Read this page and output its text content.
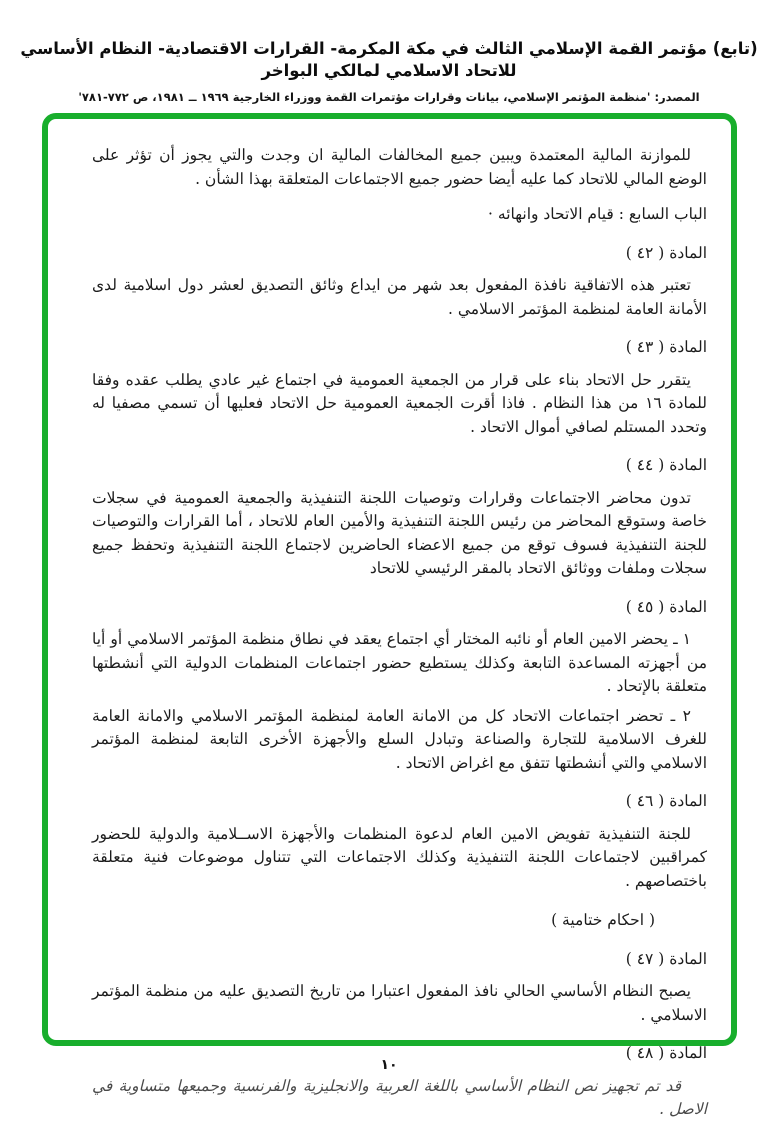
(تابع) مؤتمر القمة الإسلامي الثالث في مكة المكرمة- القرارات الاقتصادية- النظام الأساسي للاتحاد الاسلامي لمالكي البواخر
المصدر: 'منظمة المؤتمر الإسلامي، بيانات وقرارات مؤتمرات القمة ووزراء الخارجية ١٩٦٩ ــ ١٩٨١، ص ٧٧٢-٧٨١'

للموازنة المالية المعتمدة ويبين جميع المخالفات المالية ان وجدت والتي يجوز أن تؤثر على الوضع المالي للاتحاد كما عليه أيضا حضور جميع الاجتماعات المتعلقة بهذا الشأن .

الباب السابع : قيام الاتحاد وانهائه ·

المادة ( ٤٢ )

تعتبر هذه الاتفاقية نافذة المفعول بعد شهر من ايداع وثائق التصديق لعشر دول اسلامية لدى الأمانة العامة لمنظمة المؤتمر الاسلامي .

المادة ( ٤٣ )

يتقرر حل الاتحاد بناء على قرار من الجمعية العمومية في اجتماع غير عادي يطلب عقده وفقا للمادة ١٦ من هذا النظام . فاذا أقرت الجمعية العمومية حل الاتحاد فعليها أن تسمي مصفيا له وتحدد المستلم لصافي أموال الاتحاد .

المادة ( ٤٤ )

تدون محاضر الاجتماعات وقرارات وتوصيات اللجنة التنفيذية والجمعية العمومية في سجلات خاصة وستوقع المحاضر من رئيس اللجنة التنفيذية والأمين العام للاتحاد ، أما القرارات والتوصيات للجنة التنفيذية فسوف توقع من جميع الاعضاء الحاضرين لاجتماع اللجنة التنفيذية وتحفظ جميع سجلات وملفات ووثائق الاتحاد بالمقر الرئيسي للاتحاد

المادة ( ٤٥ )

١ ـ يحضر الامين العام أو نائبه المختار أي اجتماع يعقد في نطاق منظمة المؤتمر الاسلامي أو أيا من أجهزته المساعدة التابعة وكذلك يستطيع حضور اجتماعات المنظمات الدولية التي أنشطتها متعلقة بالإتحاد .

٢ ـ تحضر اجتماعات الاتحاد كل من الامانة العامة لمنظمة المؤتمر الاسلامي والامانة العامة للغرف الاسلامية للتجارة والصناعة وتبادل السلع والأجهزة الأخرى التابعة لمنظمة المؤتمر الاسلامي والتي أنشطتها تتفق مع اغراض الاتحاد .

المادة ( ٤٦ )

للجنة التنفيذية تفويض الامين العام لدعوة المنظمات والأجهزة الاســلامية والدولية للحضور كمراقبين لاجتماعات اللجنة التنفيذية وكذلك الاجتماعات التي تتناول موضوعات فنية متعلقة باختصاصهم .

( احكام ختامية )

المادة ( ٤٧ )

يصبح النظام الأساسي الحالي نافذ المفعول اعتبارا من تاريخ التصديق عليه من منظمة المؤتمر الاسلامي .

المادة ( ٤٨ )

قد تم تجهيز نص النظام الأساسي باللغة العربية والانجليزية والفرنسية وجميعها متساوية في الاصل .

١٠
